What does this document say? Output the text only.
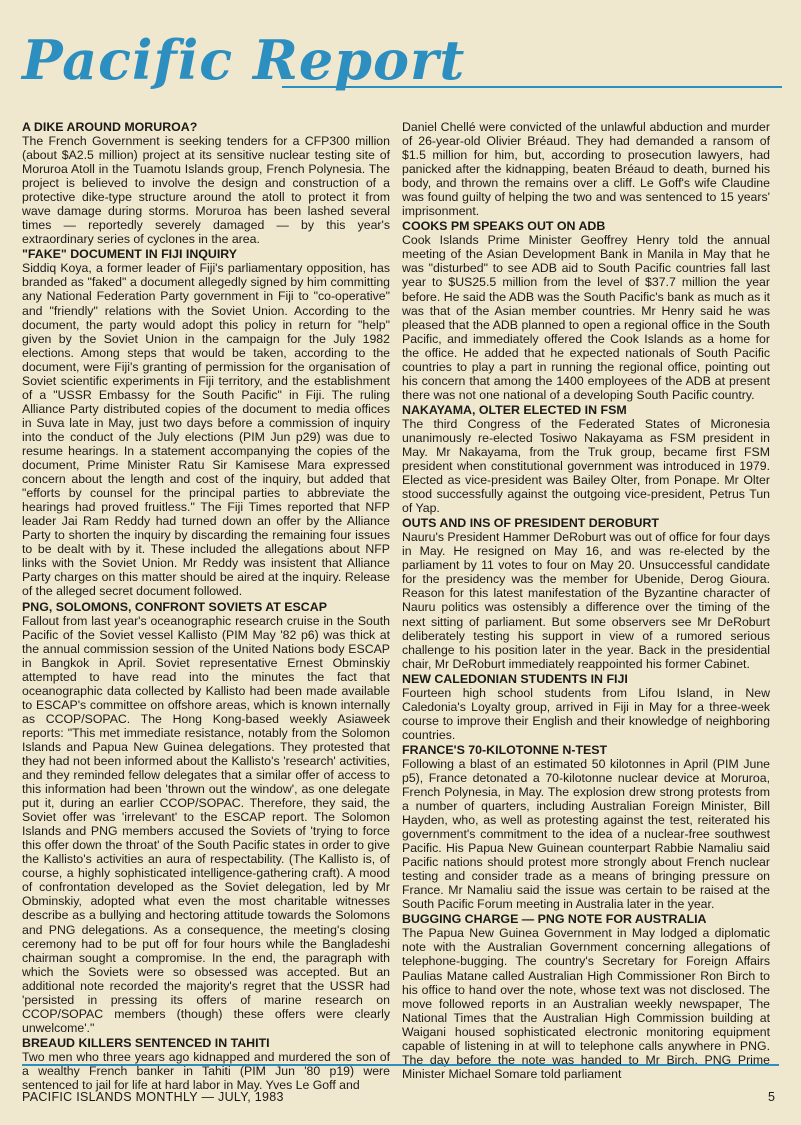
Pacific Report

A DIKE AROUND MORUROA?

The French Government is seeking tenders for a CFP300 million (about $A2.5 million) project at its sensitive nuclear testing site of Moruroa Atoll in the Tuamotu Islands group, French Polynesia. The project is believed to involve the design and construction of a protective dike-type structure around the atoll to protect it from wave damage during storms. Moruroa has been lashed several times — reportedly severely damaged — by this year's extraordinary series of cyclones in the area.

"FAKE" DOCUMENT IN FIJI INQUIRY

Siddiq Koya, a former leader of Fiji's parliamentary opposition, has branded as "faked" a document allegedly signed by him committing any National Federation Party government in Fiji to "co-operative" and "friendly" relations with the Soviet Union. According to the document, the party would adopt this policy in return for "help" given by the Soviet Union in the campaign for the July 1982 elections. Among steps that would be taken, according to the document, were Fiji's granting of permission for the organisation of Soviet scientific experiments in Fiji territory, and the establishment of a "USSR Embassy for the South Pacific" in Fiji. The ruling Alliance Party distributed copies of the document to media offices in Suva late in May, just two days before a commission of inquiry into the conduct of the July elections (PIM Jun p29) was due to resume hearings. In a statement accompanying the copies of the document, Prime Minister Ratu Sir Kamisese Mara expressed concern about the length and cost of the inquiry, but added that "efforts by counsel for the principal parties to abbreviate the hearings had proved fruitless." The Fiji Times reported that NFP leader Jai Ram Reddy had turned down an offer by the Alliance Party to shorten the inquiry by discarding the remaining four issues to be dealt with by it. These included the allegations about NFP links with the Soviet Union. Mr Reddy was insistent that Alliance Party charges on this matter should be aired at the inquiry. Release of the alleged secret document followed.

PNG, SOLOMONS, CONFRONT SOVIETS AT ESCAP

Fallout from last year's oceanographic research cruise in the South Pacific of the Soviet vessel Kallisto (PIM May '82 p6) was thick at the annual commission session of the United Nations body ESCAP in Bangkok in April. Soviet representative Ernest Obminskiy attempted to have read into the minutes the fact that oceanographic data collected by Kallisto had been made available to ESCAP's committee on offshore areas, which is known internally as CCOP/SOPAC. The Hong Kong-based weekly Asiaweek reports: "This met immediate resistance, notably from the Solomon Islands and Papua New Guinea delegations. They protested that they had not been informed about the Kallisto's 'research' activities, and they reminded fellow delegates that a similar offer of access to this information had been 'thrown out the window', as one delegate put it, during an earlier CCOP/SOPAC. Therefore, they said, the Soviet offer was 'irrelevant' to the ESCAP report. The Solomon Islands and PNG members accused the Soviets of 'trying to force this offer down the throat' of the South Pacific states in order to give the Kallisto's activities an aura of respectability. (The Kallisto is, of course, a highly sophisticated intelligence-gathering craft). A mood of confrontation developed as the Soviet delegation, led by Mr Obminskiy, adopted what even the most charitable witnesses describe as a bullying and hectoring attitude towards the Solomons and PNG delegations. As a consequence, the meeting's closing ceremony had to be put off for four hours while the Bangladeshi chairman sought a compromise. In the end, the paragraph with which the Soviets were so obsessed was accepted. But an additional note recorded the majority's regret that the USSR had 'persisted in pressing its offers of marine research on CCOP/SOPAC members (though) these offers were clearly unwelcome'."

BREAUD KILLERS SENTENCED IN TAHITI

Two men who three years ago kidnapped and murdered the son of a wealthy French banker in Tahiti (PIM Jun '80 p19) were sentenced to jail for life at hard labor in May. Yves Le Goff and

Daniel Chellé were convicted of the unlawful abduction and murder of 26-year-old Olivier Bréaud. They had demanded a ransom of $1.5 million for him, but, according to prosecution lawyers, had panicked after the kidnapping, beaten Bréaud to death, burned his body, and thrown the remains over a cliff. Le Goff's wife Claudine was found guilty of helping the two and was sentenced to 15 years' imprisonment.

COOKS PM SPEAKS OUT ON ADB

Cook Islands Prime Minister Geoffrey Henry told the annual meeting of the Asian Development Bank in Manila in May that he was "disturbed" to see ADB aid to South Pacific countries fall last year to $US25.5 million from the level of $37.7 million the year before. He said the ADB was the South Pacific's bank as much as it was that of the Asian member countries. Mr Henry said he was pleased that the ADB planned to open a regional office in the South Pacific, and immediately offered the Cook Islands as a home for the office. He added that he expected nationals of South Pacific countries to play a part in running the regional office, pointing out his concern that among the 1400 employees of the ADB at present there was not one national of a developing South Pacific country.

NAKAYAMA, OLTER ELECTED IN FSM

The third Congress of the Federated States of Micronesia unanimously re-elected Tosiwo Nakayama as FSM president in May. Mr Nakayama, from the Truk group, became first FSM president when constitutional government was introduced in 1979. Elected as vice-president was Bailey Olter, from Ponape. Mr Olter stood successfully against the outgoing vice-president, Petrus Tun of Yap.

OUTS AND INS OF PRESIDENT DEROBURT

Nauru's President Hammer DeRoburt was out of office for four days in May. He resigned on May 16, and was re-elected by the parliament by 11 votes to four on May 20. Unsuccessful candidate for the presidency was the member for Ubenide, Derog Gioura. Reason for this latest manifestation of the Byzantine character of Nauru politics was ostensibly a difference over the timing of the next sitting of parliament. But some observers see Mr DeRoburt deliberately testing his support in view of a rumored serious challenge to his position later in the year. Back in the presidential chair, Mr DeRoburt immediately reappointed his former Cabinet.

NEW CALEDONIAN STUDENTS IN FIJI

Fourteen high school students from Lifou Island, in New Caledonia's Loyalty group, arrived in Fiji in May for a three-week course to improve their English and their knowledge of neighboring countries.

FRANCE'S 70-KILOTONNE N-TEST

Following a blast of an estimated 50 kilotonnes in April (PIM June p5), France detonated a 70-kilotonne nuclear device at Moruroa, French Polynesia, in May. The explosion drew strong protests from a number of quarters, including Australian Foreign Minister, Bill Hayden, who, as well as protesting against the test, reiterated his government's commitment to the idea of a nuclear-free southwest Pacific. His Papua New Guinean counterpart Rabbie Namaliu said Pacific nations should protest more strongly about French nuclear testing and consider trade as a means of bringing pressure on France. Mr Namaliu said the issue was certain to be raised at the South Pacific Forum meeting in Australia later in the year.

BUGGING CHARGE — PNG NOTE FOR AUSTRALIA

The Papua New Guinea Government in May lodged a diplomatic note with the Australian Government concerning allegations of telephone-bugging. The country's Secretary for Foreign Affairs Paulias Matane called Australian High Commissioner Ron Birch to his office to hand over the note, whose text was not disclosed. The move followed reports in an Australian weekly newspaper, The National Times that the Australian High Commission building at Waigani housed sophisticated electronic monitoring equipment capable of listening in at will to telephone calls anywhere in PNG. The day before the note was handed to Mr Birch, PNG Prime Minister Michael Somare told parliament

PACIFIC ISLANDS MONTHLY — JULY, 1983	5
